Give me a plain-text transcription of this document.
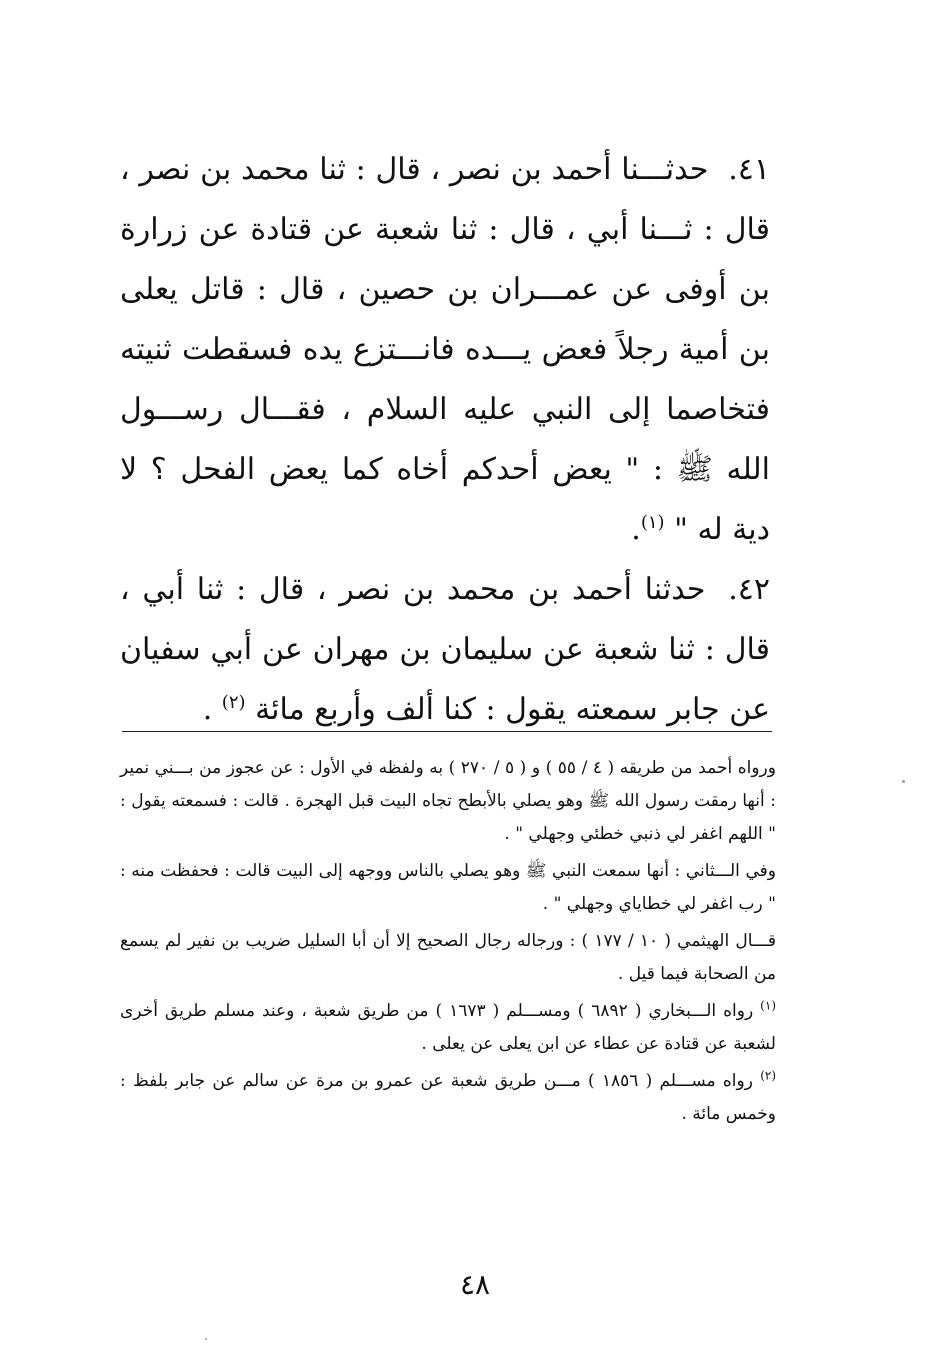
٤١. حدثـــنا أحمد بن نصر ، قال : ثنا محمد بن نصر ، قال : ثـــنا أبي ، قال : ثنا شعبة عن قتادة عن زرارة بن أوفى عن عمـــران بن حصين ، قال : قاتل يعلى بن أمية رجلاً فعض يـــده فانـــتزع يده فسقطت ثنيته فتخاصما إلى النبي عليه السلام ، فقـــال رســـول الله ﷺ : " يعض أحدكم أخاه كما يعض الفحل ؟ لا دية له " $^{(١)}$.

٤٢. حدثنا أحمد بن محمد بن نصر ، قال : ثنا أبي ، قال : ثنا شعبة عن سليمان بن مهران عن أبي سفيان عن جابر سمعته يقول : كنا ألف وأربع مائة $^{(٢)}$ .

ورواه أحمد من طريقه ( ٤ / ٥٥ ) و ( ٥ / ٢٧٠ ) به ولفظه في الأول : عن عجوز من بـــني نمير : أنها رمقت رسول الله ﷺ وهو يصلي بالأبطح تجاه البيت قبل الهجرة . قالت : فسمعته يقول : " اللهم اغفر لي ذنبي خطئي وجهلي " .

وفي الـــثاني : أنها سمعت النبي ﷺ وهو يصلي بالناس ووجهه إلى البيت قالت : فحفظت منه : " رب اغفر لي خطاياي وجهلي " .

قـــال الهيثمي ( ١٠ / ١٧٧ ) : ورجاله رجال الصحيح إلا أن أبا السليل ضريب بن نفير لم يسمع من الصحابة فيما قيل .

$^{(١)}$ رواه الـــبخاري ( ٦٨٩٢ ) ومســـلم ( ١٦٧٣ ) من طريق شعبة ، وعند مسلم طريق أخرى لشعبة عن قتادة عن عطاء عن ابن يعلى عن يعلى .

$^{(٢)}$ رواه مســـلم ( ١٨٥٦ ) مـــن طريق شعبة عن عمرو بن مرة عن سالم عن جابر بلفظ : وخمس مائة .

٤٨
